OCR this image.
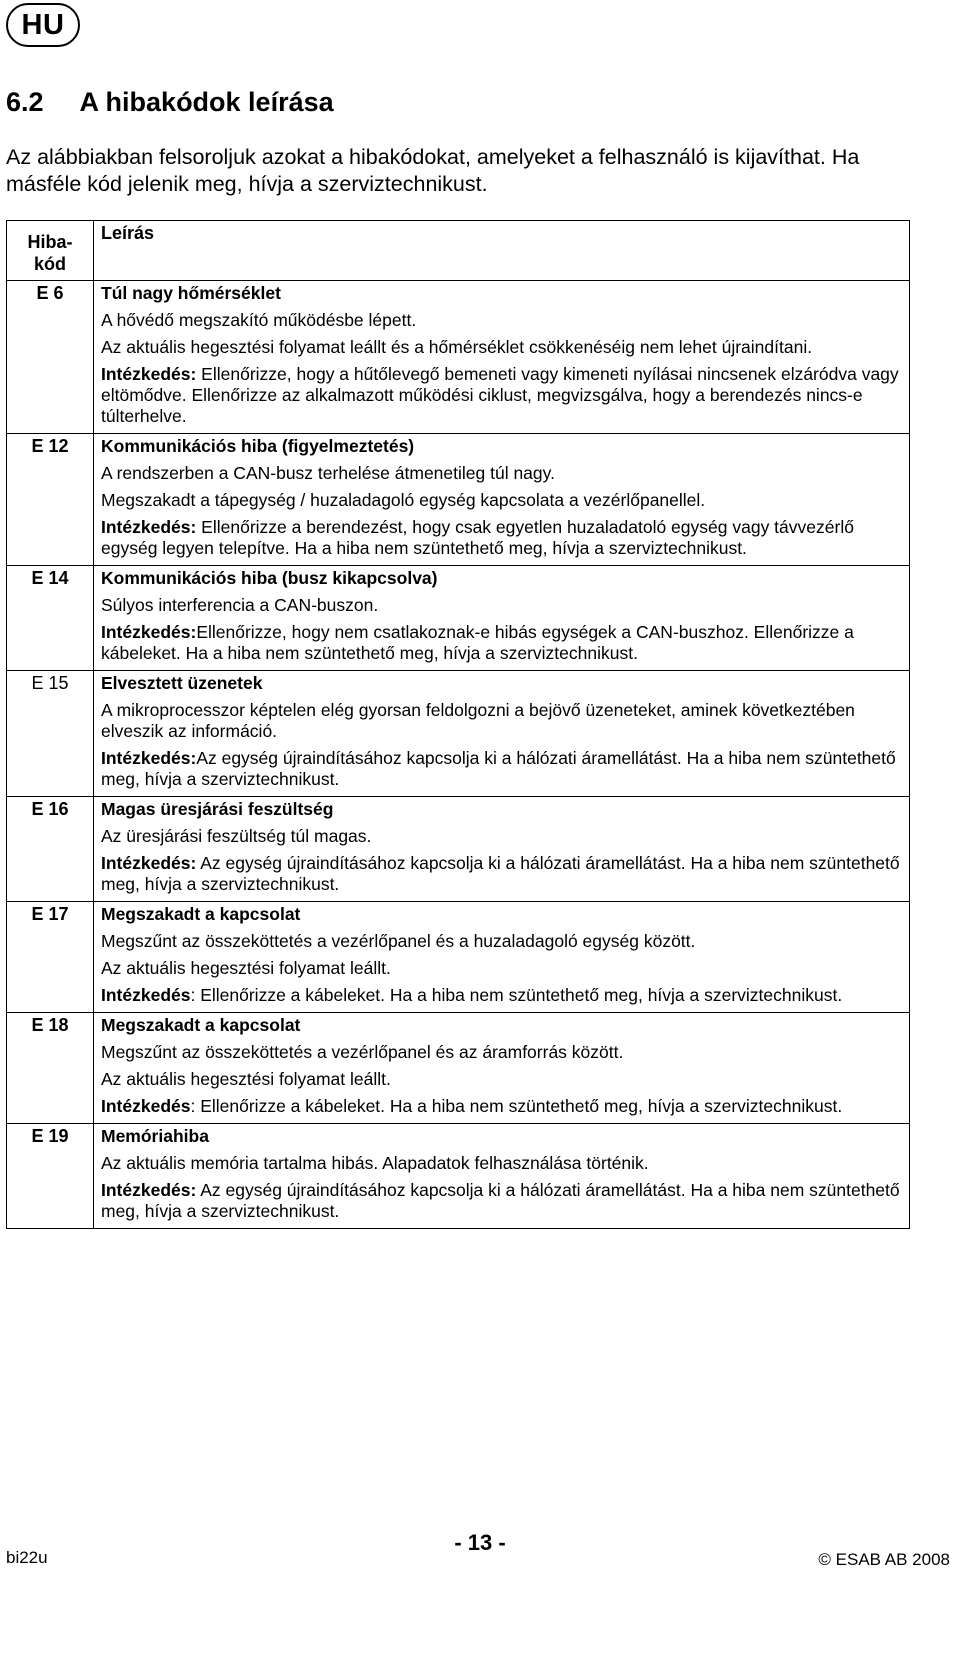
HU
6.2 A hibakódok leírása

Az alábbiakban felsoroljuk azokat a hibakódokat, amelyeket a felhasználó is kijavíthat. Ha másféle kód jelenik meg, hívja a szerviztechnikust.

Hiba-
kód	Leírás

E 6	Túl nagy hőmérséklet

A hővédő megszakító működésbe lépett.

Az aktuális hegesztési folyamat leállt és a hőmérséklet csökkenéséig nem lehet újraindítani.

Intézkedés: Ellenőrizze, hogy a hűtőlevegő bemeneti vagy kimeneti nyílásai nincsenek elzáródva vagy eltömődve. Ellenőrizze az alkalmazott működési ciklust, megvizsgálva, hogy a berendezés nincs-e túlterhelve.

E 12	Kommunikációs hiba (figyelmeztetés)

A rendszerben a CAN-busz terhelése átmenetileg túl nagy.

Megszakadt a tápegység / huzaladagoló egység kapcsolata a vezérlőpanellel.

Intézkedés: Ellenőrizze a berendezést, hogy csak egyetlen huzaladatoló egység vagy távvezérlő egység legyen telepítve. Ha a hiba nem szüntethető meg, hívja a szerviztechnikust.

E 14	Kommunikációs hiba (busz kikapcsolva)

Súlyos interferencia a CAN-buszon.

Intézkedés:Ellenőrizze, hogy nem csatlakoznak-e hibás egységek a CAN-buszhoz. Ellenőrizze a kábeleket. Ha a hiba nem szüntethető meg, hívja a szerviztechnikust.

E 15	Elvesztett üzenetek

A mikroprocesszor képtelen elég gyorsan feldolgozni a bejövő üzeneteket, aminek következtében elveszik az információ.

Intézkedés:Az egység újraindításához kapcsolja ki a hálózati áramellátást. Ha a hiba nem szüntethető meg, hívja a szerviztechnikust.

E 16	Magas üresjárási feszültség

Az üresjárási feszültség túl magas.

Intézkedés: Az egység újraindításához kapcsolja ki a hálózati áramellátást. Ha a hiba nem szüntethető meg, hívja a szerviztechnikust.

E 17	Megszakadt a kapcsolat

Megszűnt az összeköttetés a vezérlőpanel és a huzaladagoló egység között.

Az aktuális hegesztési folyamat leállt.

Intézkedés: Ellenőrizze a kábeleket. Ha a hiba nem szüntethető meg, hívja a szerviztechnikust.

E 18	Megszakadt a kapcsolat

Megszűnt az összeköttetés a vezérlőpanel és az áramforrás között.

Az aktuális hegesztési folyamat leállt.

Intézkedés: Ellenőrizze a kábeleket. Ha a hiba nem szüntethető meg, hívja a szerviztechnikust.

E 19	Memóriahiba

Az aktuális memória tartalma hibás. Alapadatok felhasználása történik.

Intézkedés: Az egység újraindításához kapcsolja ki a hálózati áramellátást. Ha a hiba nem szüntethető meg, hívja a szerviztechnikust.

- 13 -
bi22u	© ESAB AB 2008
